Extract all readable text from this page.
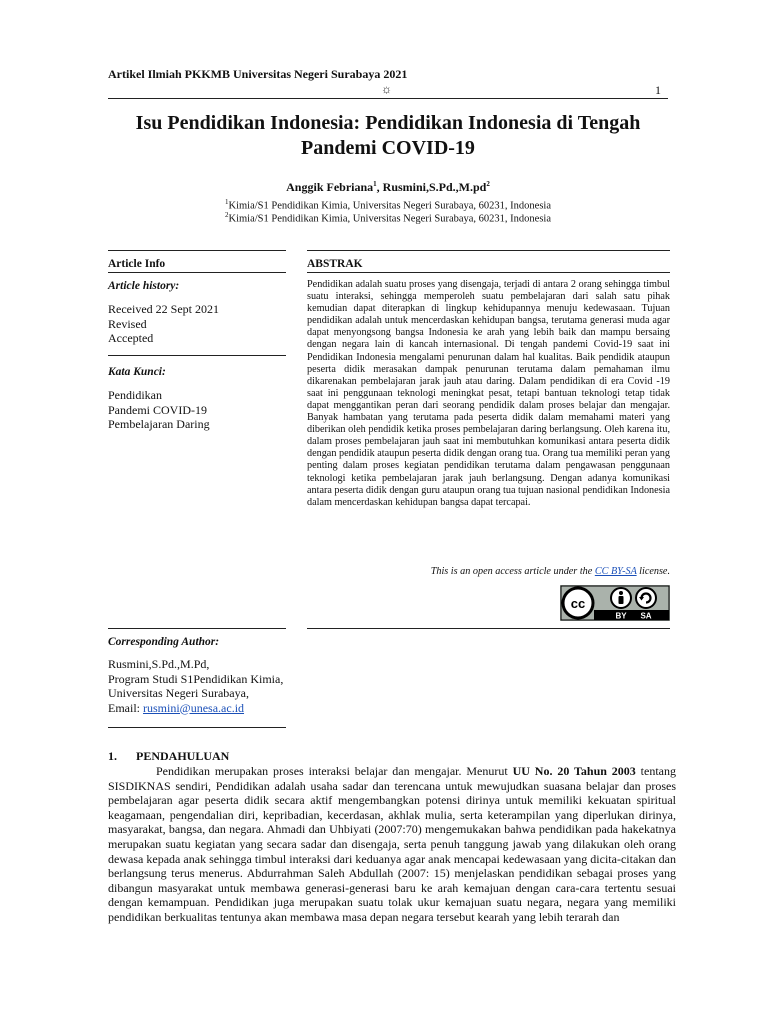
Artikel Ilmiah PKKMB Universitas Negeri Surabaya 2021
☼	1
Isu Pendidikan Indonesia: Pendidikan Indonesia di Tengah Pandemi COVID-19
Anggik Febriana$^1$, $Rusmini,S.Pd.,M.pd^2$
$^1$Kimia/S1 Pendidikan Kimia, Universitas Negeri Surabaya, 60231, Indonesia
$^2$Kimia/S1 Pendidikan Kimia, Universitas Negeri Surabaya, 60231, Indonesia
Article Info
Article history:
Received 22 Sept 2021
Revised
Accepted
Kata Kunci:
Pendidikan
Pandemi COVID-19
Pembelajaran Daring
ABSTRAK

Pendidikan adalah suatu proses yang disengaja, terjadi di antara 2 orang sehingga timbul suatu interaksi, sehingga memperoleh suatu pembelajaran dari salah satu pihak kemudian dapat diterapkan di lingkup kehidupannya menuju kedewasaan. Tujuan pendidikan adalah untuk mencerdaskan kehidupan bangsa, terutama generasi muda agar dapat menyongsong bangsa Indonesia ke arah yang lebih baik dan mampu bersaing dengan negara lain di kancah internasional. Di tengah pandemi Covid-19 saat ini Pendidikan Indonesia mengalami penurunan dalam hal kualitas. Baik pendidik ataupun peserta didik merasakan dampak penurunan terutama dalam pemahaman ilmu dikarenakan pembelajaran jarak jauh atau daring. Dalam pendidikan di era Covid -19 saat ini penggunaan teknologi meningkat pesat, tetapi bantuan teknologi tetap tidak dapat menggantikan peran dari seorang pendidik dalam proses belajar dan mengajar. Banyak hambatan yang terutama pada peserta didik dalam memahami materi yang diberikan oleh pendidik ketika proses pembelajaran daring berlangsung. Oleh karena itu, dalam proses pembelajaran jauh saat ini membutuhkan komunikasi antara peserta didik dengan pendidik ataupun peserta didik dengan orang tua. Orang tua memiliki peran yang penting dalam proses kegiatan pendidikan terutama dalam pengawasan penggunaan teknologi ketika pembelajaran jarak jauh berlangsung. Dengan adanya komunikasi antara peserta didik dengan guru ataupun orang tua tujuan nasional pendidikan Indonesia dalam mencerdaskan kehidupan bangsa dapat tercapai.

This is an open access article under the CC BY-SA license.
cc
BY SA
Corresponding Author:
Rusmini,S.Pd.,M.Pd,
Program Studi S1Pendidikan Kimia,
Universitas Negeri Surabaya,
Email: rusmini@unesa.ac.id
1. PENDAHULUAN

Pendidikan merupakan proses interaksi belajar dan mengajar. Menurut UU No. 20 Tahun 2003 tentang SISDIKNAS sendiri, Pendidikan adalah usaha sadar dan terencana untuk mewujudkan suasana belajar dan proses pembelajaran agar peserta didik secara aktif mengembangkan potensi dirinya untuk memiliki kekuatan spiritual keagamaan, pengendalian diri, kepribadian, kecerdasan, akhlak mulia, serta keterampilan yang diperlukan dirinya, masyarakat, bangsa, dan negara. Ahmadi dan Uhbiyati (2007:70) mengemukakan bahwa pendidikan pada hakekatnya merupakan suatu kegiatan yang secara sadar dan disengaja, serta penuh tanggung jawab yang dilakukan oleh orang dewasa kepada anak sehingga timbul interaksi dari keduanya agar anak mencapai kedewasaan yang dicita-citakan dan berlangsung terus menerus. Abdurrahman Saleh Abdullah (2007: 15) menjelaskan pendidikan sebagai proses yang dibangun masyarakat untuk membawa generasi-generasi baru ke arah kemajuan dengan cara-cara tertentu sesuai dengan kemampuan. Pendidikan juga merupakan suatu tolak ukur kemajuan suatu negara, negara yang memiliki pendidikan berkualitas tentunya akan membawa masa depan negara tersebut kearah yang lebih terarah dan
